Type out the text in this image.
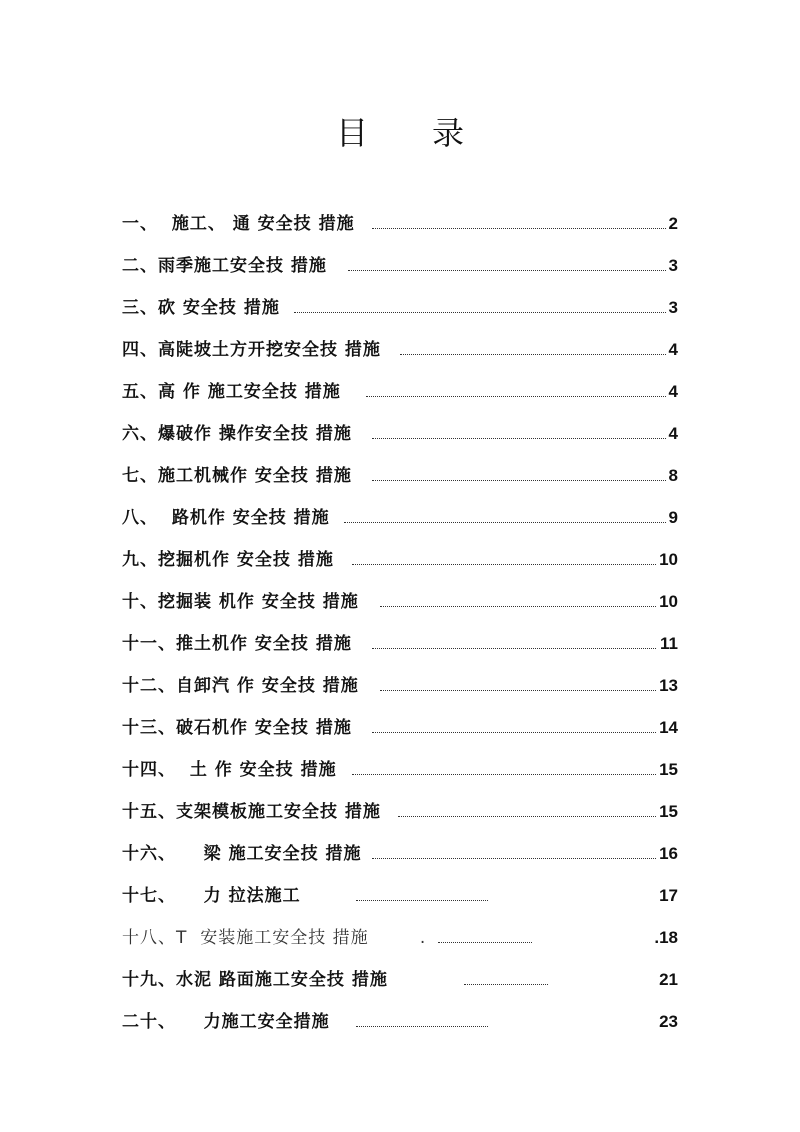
目 录
一、  施工、 通 安全技 措施	2
二、雨季施工安全技 措施	3
三、砍 安全技 措施	3
四、高陡坡土方开挖安全技 措施	4
五、高 作 施工安全技 措施	4
六、爆破作 操作安全技 措施	4
七、施工机械作 安全技 措施	8
八、  路机作 安全技 措施	9
九、挖掘机作 安全技 措施	10
十、挖掘装 机作 安全技 措施	10
十一、推土机作 安全技 措施	11
十二、自卸汽 作 安全技 措施	13
十三、破石机作 安全技 措施	14
十四、  土 作 安全技 措施	15
十五、支架模板施工安全技 措施	15
十六、    梁 施工安全技 措施	16
十七、    力 拉法施工	17
十八、T  安装施工安全技 措施        .	.18
十九、水泥 路面施工安全技 措施	21
二十、    力施工安全措施	23
